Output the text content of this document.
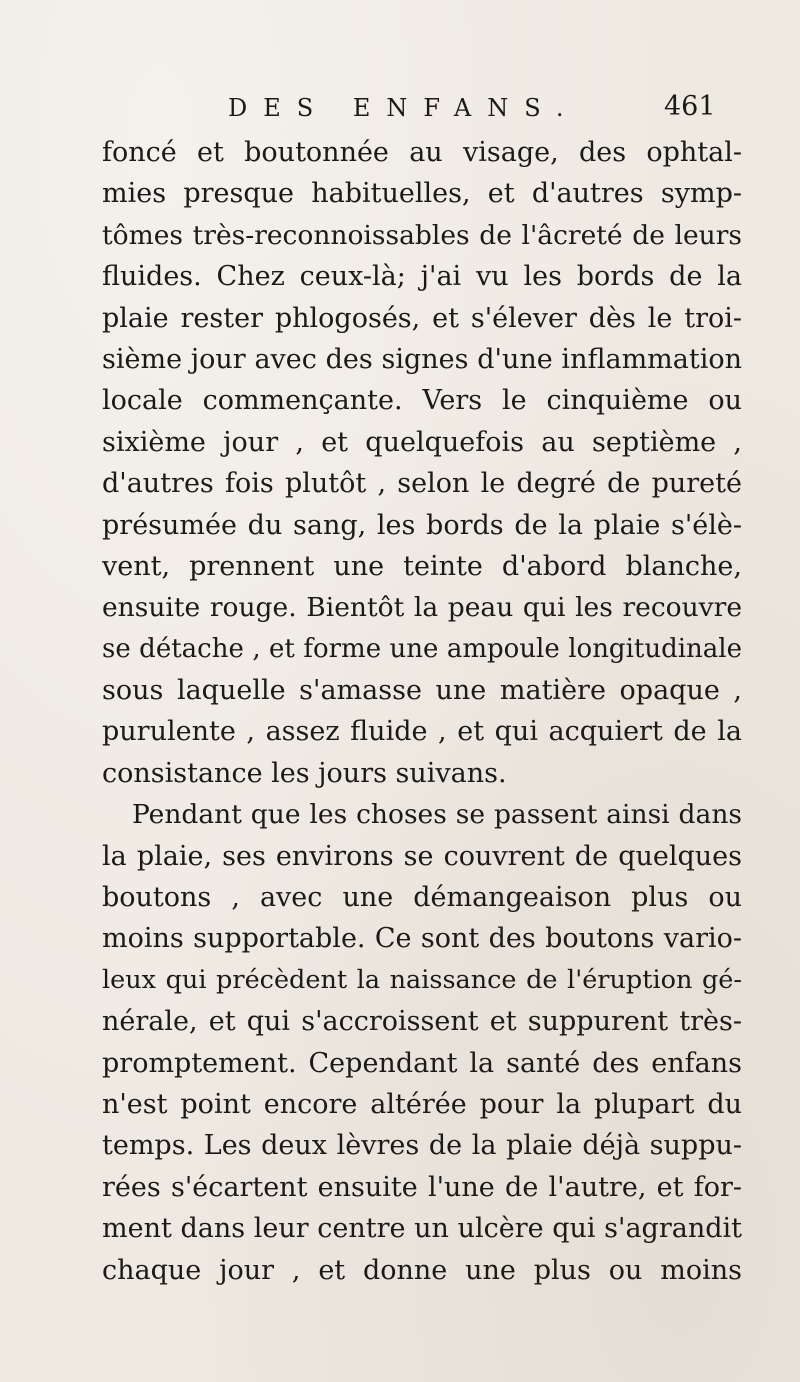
DES ENFANS.	461
foncé et boutonnée au visage, des ophtal-
mies presque habituelles, et d'autres symp-
tômes très-reconnoissables de l'âcreté de leurs
fluides. Chez ceux-là; j'ai vu les bords de la
plaie rester phlogosés, et s'élever dès le troi-
sième jour avec des signes d'une inflammation
locale commençante. Vers le cinquième ou
sixième jour , et quelquefois au septième ,
d'autres fois plutôt , selon le degré de pureté
présumée du sang, les bords de la plaie s'élè-
vent, prennent une teinte d'abord blanche,
ensuite rouge. Bientôt la peau qui les recouvre
se détache , et forme une ampoule longitudinale
sous laquelle s'amasse une matière opaque ,
purulente , assez fluide , et qui acquiert de la
consistance les jours suivans.
Pendant que les choses se passent ainsi dans
la plaie, ses environs se couvrent de quelques
boutons , avec une démangeaison plus ou
moins supportable. Ce sont des boutons vario-
leux qui précèdent la naissance de l'éruption gé-
nérale, et qui s'accroissent et suppurent très-
promptement. Cependant la santé des enfans
n'est point encore altérée pour la plupart du
temps. Les deux lèvres de la plaie déjà suppu-
rées s'écartent ensuite l'une de l'autre, et for-
ment dans leur centre un ulcère qui s'agrandit
chaque jour , et donne une plus ou moins
